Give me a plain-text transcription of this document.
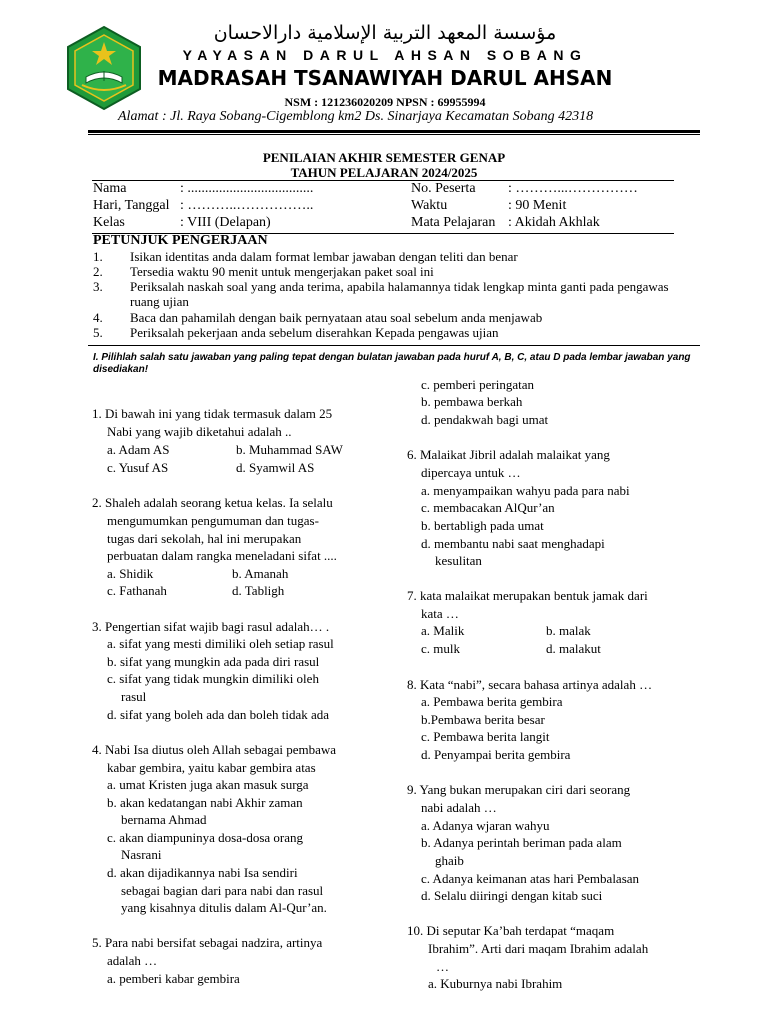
مؤسسة المعهد التربية الإسلامية دارالاحسان
YAYASAN DARUL AHSAN SOBANG
MADRASAH TSANAWIYAH DARUL AHSAN
NSM : 121236020209 NPSN : 69955994
Alamat : Jl. Raya Sobang-Cigemblong km2 Ds. Sinarjaya Kecamatan Sobang 42318
PENILAIAN AKHIR SEMESTER GENAP
TAHUN PELAJARAN 2024/2025
Nama	: ....................................	No. Peserta : ………...……………
Hari, Tanggal : ………..……………..	Waktu	: 90 Menit
Kelas	: VIII (Delapan)	Mata Pelajaran : Akidah Akhlak
PETUNJUK PENGERJAAN
1. Isikan identitas anda dalam format lembar jawaban dengan teliti dan benar
2. Tersedia waktu 90 menit untuk mengerjakan paket soal ini
3. Periksalah naskah soal yang anda terima, apabila halamannya tidak lengkap minta ganti pada pengawas ruang ujian
4. Baca dan pahamilah dengan baik pernyataan atau soal sebelum anda menjawab
5. Periksalah pekerjaan anda sebelum diserahkan Kepada pengawas ujian
I. Pilihlah salah satu jawaban yang paling tepat dengan bulatan jawaban pada huruf A, B, C, atau D pada lembar jawaban yang disediakan!
1. Di bawah ini yang tidak termasuk dalam 25
Nabi yang wajib diketahui adalah ..
a. Adam AS	b. Muhammad SAW
c. Yusuf AS	d. Syamwil AS
2. Shaleh adalah seorang ketua kelas. Ia selalu
mengumumkan pengumuman dan tugas-
tugas dari sekolah, hal ini merupakan
perbuatan dalam rangka meneladani sifat ....
a. Shidik	b. Amanah
c. Fathanah	d. Tabligh
3. Pengertian sifat wajib bagi rasul adalah… .
a. sifat yang mesti dimiliki oleh setiap rasul
b. sifat yang mungkin ada pada diri rasul
c. sifat yang tidak mungkin dimiliki oleh
rasul
d. sifat yang boleh ada dan boleh tidak ada
4. Nabi Isa diutus oleh Allah sebagai pembawa
kabar gembira, yaitu kabar gembira atas
a. umat Kristen juga akan masuk surga
b. akan kedatangan nabi Akhir zaman
bernama Ahmad
c. akan diampuninya dosa-dosa orang
Nasrani
d. akan dijadikannya nabi Isa sendiri
sebagai bagian dari para nabi dan rasul
yang kisahnya ditulis dalam Al-Qur’an.
5. Para nabi bersifat sebagai nadzira, artinya
adalah …
a. pemberi kabar gembira
c. pemberi peringatan
b. pembawa berkah
d. pendakwah bagi umat
6. Malaikat Jibril adalah malaikat yang
dipercaya untuk …
a. menyampaikan wahyu pada para nabi
c. membacakan AlQur’an
b. bertabligh pada umat
d. membantu nabi saat menghadapi
kesulitan
7. kata malaikat merupakan bentuk jamak dari
kata …
a. Malik	b. malak
c. mulk	d. malakut
8. Kata “nabi”, secara bahasa artinya adalah …
a. Pembawa berita gembira
b.Pembawa berita besar
c. Pembawa berita langit
d. Penyampai berita gembira
9. Yang bukan merupakan ciri dari seorang
nabi adalah …
a. Adanya wjaran wahyu
b. Adanya perintah beriman pada alam
ghaib
c. Adanya keimanan atas hari Pembalasan
d. Selalu diiringi dengan kitab suci
10. Di seputar Ka’bah terdapat “maqam
Ibrahim”. Arti dari maqam Ibrahim adalah
…
a. Kuburnya nabi Ibrahim
